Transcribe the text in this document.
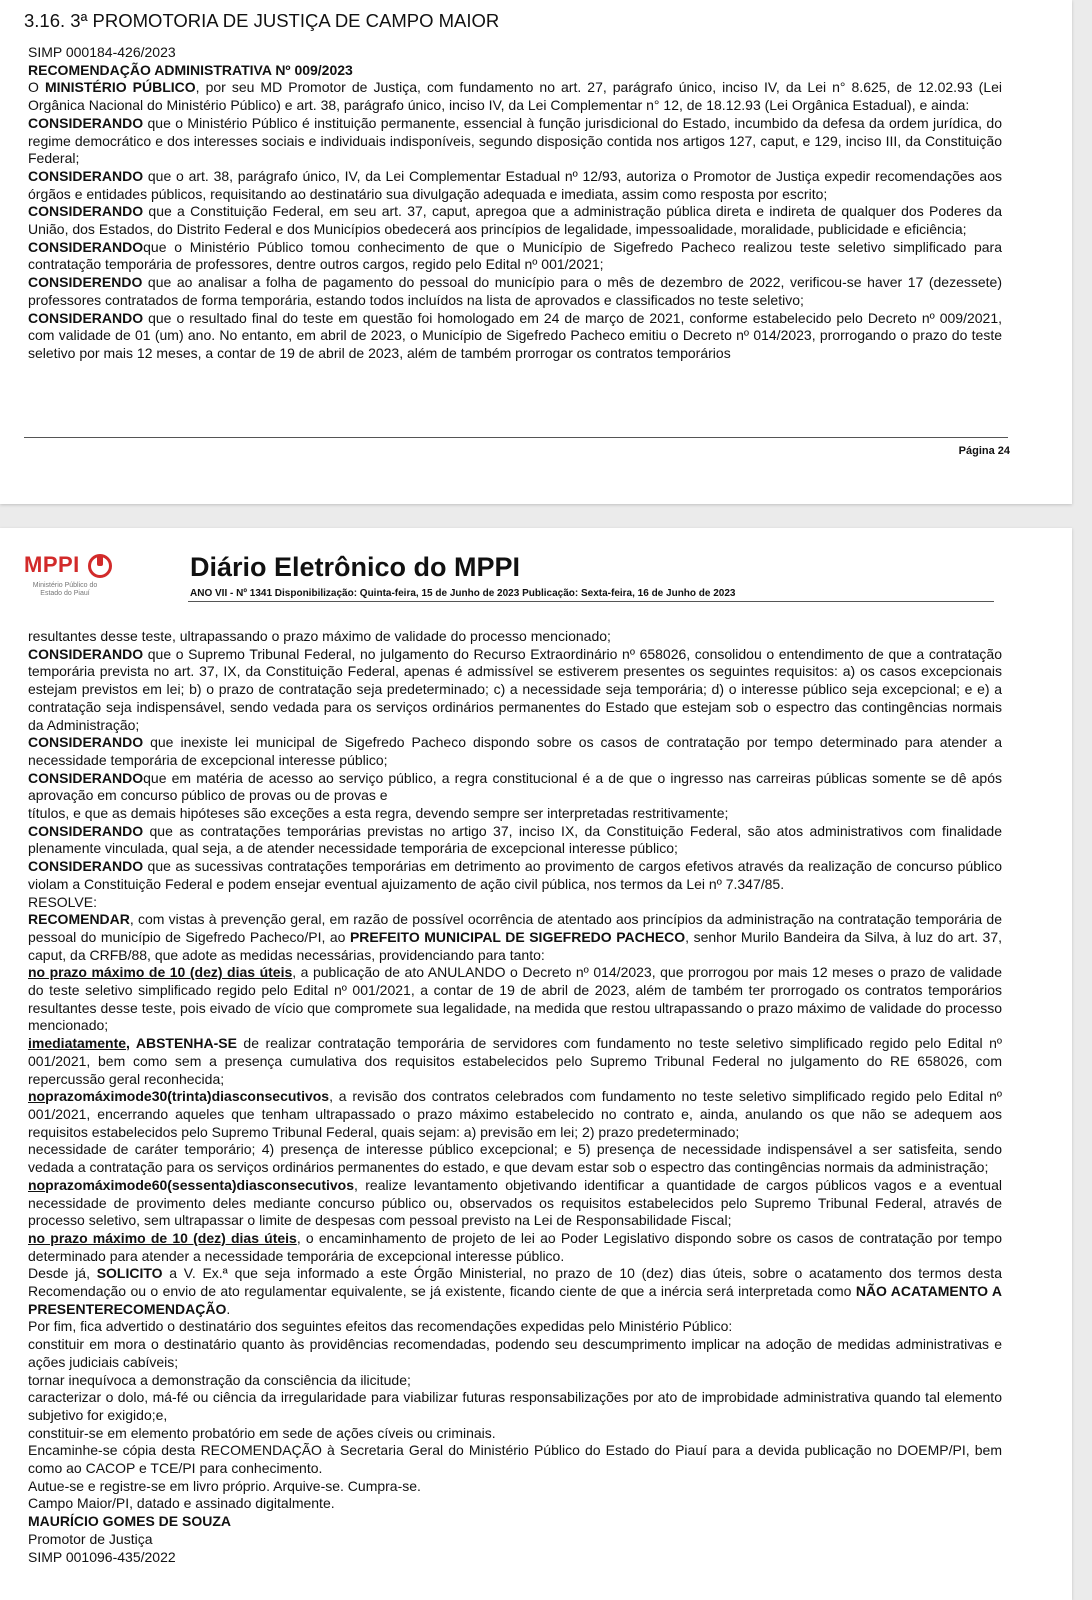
3.16. 3ª PROMOTORIA DE JUSTIÇA DE CAMPO MAIOR

SIMP 000184-426/2023

RECOMENDAÇÃO ADMINISTRATIVA Nº 009/2023

O MINISTÉRIO PÚBLICO, por seu MD Promotor de Justiça, com fundamento no art. 27, parágrafo único, inciso IV, da Lei n° 8.625, de 12.02.93 (Lei Orgânica Nacional do Ministério Público) e art. 38, parágrafo único, inciso IV, da Lei Complementar n° 12, de 18.12.93 (Lei Orgânica Estadual), e ainda:

CONSIDERANDO que o Ministério Público é instituição permanente, essencial à função jurisdicional do Estado, incumbido da defesa da ordem jurídica, do regime democrático e dos interesses sociais e individuais indisponíveis, segundo disposição contida nos artigos 127, caput, e 129, inciso III, da Constituição Federal;

CONSIDERANDO que o art. 38, parágrafo único, IV, da Lei Complementar Estadual nº 12/93, autoriza o Promotor de Justiça expedir recomendações aos órgãos e entidades públicos, requisitando ao destinatário sua divulgação adequada e imediata, assim como resposta por escrito;

CONSIDERANDO que a Constituição Federal, em seu art. 37, caput, apregoa que a administração pública direta e indireta de qualquer dos Poderes da União, dos Estados, do Distrito Federal e dos Municípios obedecerá aos princípios de legalidade, impessoalidade, moralidade, publicidade e eficiência;

CONSIDERANDOque o Ministério Público tomou conhecimento de que o Município de Sigefredo Pacheco realizou teste seletivo simplificado para contratação temporária de professores, dentre outros cargos, regido pelo Edital nº 001/2021;

CONSIDERENDO que ao analisar a folha de pagamento do pessoal do município para o mês de dezembro de 2022, verificou-se haver 17 (dezessete) professores contratados de forma temporária, estando todos incluídos na lista de aprovados e classificados no teste seletivo;

CONSIDERANDO que o resultado final do teste em questão foi homologado em 24 de março de 2021, conforme estabelecido pelo Decreto nº 009/2021, com validade de 01 (um) ano. No entanto, em abril de 2023, o Município de Sigefredo Pacheco emitiu o Decreto nº 014/2023, prorrogando o prazo do teste seletivo por mais 12 meses, a contar de 19 de abril de 2023, além de também prorrogar os contratos temporários

Página 24
MPPI
Ministério Público do Estado do Piauí
Diário Eletrônico do MPPI
ANO VII - Nº 1341 Disponibilização: Quinta-feira, 15 de Junho de 2023 Publicação: Sexta-feira, 16 de Junho de 2023

resultantes desse teste, ultrapassando o prazo máximo de validade do processo mencionado;

CONSIDERANDO que o Supremo Tribunal Federal, no julgamento do Recurso Extraordinário nº 658026, consolidou o entendimento de que a contratação temporária prevista no art. 37, IX, da Constituição Federal, apenas é admissível se estiverem presentes os seguintes requisitos: a) os casos excepcionais estejam previstos em lei; b) o prazo de contratação seja predeterminado; c) a necessidade seja temporária; d) o interesse público seja excepcional; e e) a contratação seja indispensável, sendo vedada para os serviços ordinários permanentes do Estado que estejam sob o espectro das contingências normais da Administração;

CONSIDERANDO que inexiste lei municipal de Sigefredo Pacheco dispondo sobre os casos de contratação por tempo determinado para atender a necessidade temporária de excepcional interesse público;

CONSIDERANDOque em matéria de acesso ao serviço público, a regra constitucional é a de que o ingresso nas carreiras públicas somente se dê após aprovação em concurso público de provas ou de provas e

títulos, e que as demais hipóteses são exceções a esta regra, devendo sempre ser interpretadas restritivamente;

CONSIDERANDO que as contratações temporárias previstas no artigo 37, inciso IX, da Constituição Federal, são atos administrativos com finalidade plenamente vinculada, qual seja, a de atender necessidade temporária de excepcional interesse público;

CONSIDERANDO que as sucessivas contratações temporárias em detrimento ao provimento de cargos efetivos através da realização de concurso público violam a Constituição Federal e podem ensejar eventual ajuizamento de ação civil pública, nos termos da Lei nº 7.347/85.

RESOLVE:

RECOMENDAR, com vistas à prevenção geral, em razão de possível ocorrência de atentado aos princípios da administração na contratação temporária de pessoal do município de Sigefredo Pacheco/PI, ao PREFEITO MUNICIPAL DE SIGEFREDO PACHECO, senhor Murilo Bandeira da Silva, à luz do art. 37, caput, da CRFB/88, que adote as medidas necessárias, providenciando para tanto:

no prazo máximo de 10 (dez) dias úteis, a publicação de ato ANULANDO o Decreto nº 014/2023, que prorrogou por mais 12 meses o prazo de validade do teste seletivo simplificado regido pelo Edital nº 001/2021, a contar de 19 de abril de 2023, além de também ter prorrogado os contratos temporários resultantes desse teste, pois eivado de vício que compromete sua legalidade, na medida que restou ultrapassando o prazo máximo de validade do processo mencionado;

imediatamente, ABSTENHA-SE de realizar contratação temporária de servidores com fundamento no teste seletivo simplificado regido pelo Edital nº 001/2021, bem como sem a presença cumulativa dos requisitos estabelecidos pelo Supremo Tribunal Federal no julgamento do RE 658026, com repercussão geral reconhecida;

noprazomáximode30(trinta)diasconsecutivos, a revisão dos contratos celebrados com fundamento no teste seletivo simplificado regido pelo Edital nº 001/2021, encerrando aqueles que tenham ultrapassado o prazo máximo estabelecido no contrato e, ainda, anulando os que não se adequem aos requisitos estabelecidos pelo Supremo Tribunal Federal, quais sejam: a) previsão em lei; 2) prazo predeterminado;

necessidade de caráter temporário; 4) presença de interesse público excepcional; e 5) presença de necessidade indispensável a ser satisfeita, sendo vedada a contratação para os serviços ordinários permanentes do estado, e que devam estar sob o espectro das contingências normais da administração;

noprazomáximode60(sessenta)diasconsecutivos, realize levantamento objetivando identificar a quantidade de cargos públicos vagos e a eventual necessidade de provimento deles mediante concurso público ou, observados os requisitos estabelecidos pelo Supremo Tribunal Federal, através de processo seletivo, sem ultrapassar o limite de despesas com pessoal previsto na Lei de Responsabilidade Fiscal;

no prazo máximo de 10 (dez) dias úteis, o encaminhamento de projeto de lei ao Poder Legislativo dispondo sobre os casos de contratação por tempo determinado para atender a necessidade temporária de excepcional interesse público.

Desde já, SOLICITO a V. Ex.ª que seja informado a este Órgão Ministerial, no prazo de 10 (dez) dias úteis, sobre o acatamento dos termos desta Recomendação ou o envio de ato regulamentar equivalente, se já existente, ficando ciente de que a inércia será interpretada como NÃO ACATAMENTO A PRESENTERECOMENDAÇÃO.

Por fim, fica advertido o destinatário dos seguintes efeitos das recomendações expedidas pelo Ministério Público:

constituir em mora o destinatário quanto às providências recomendadas, podendo seu descumprimento implicar na adoção de medidas administrativas e ações judiciais cabíveis;

tornar inequívoca a demonstração da consciência da ilicitude;

caracterizar o dolo, má-fé ou ciência da irregularidade para viabilizar futuras responsabilizações por ato de improbidade administrativa quando tal elemento subjetivo for exigido;e,

constituir-se em elemento probatório em sede de ações cíveis ou criminais.

Encaminhe-se cópia desta RECOMENDAÇÃO à Secretaria Geral do Ministério Público do Estado do Piauí para a devida publicação no DOEMP/PI, bem como ao CACOP e TCE/PI para conhecimento.

Autue-se e registre-se em livro próprio. Arquive-se. Cumpra-se.

Campo Maior/PI, datado e assinado digitalmente.

MAURÍCIO GOMES DE SOUZA

Promotor de Justiça

SIMP 001096-435/2022
